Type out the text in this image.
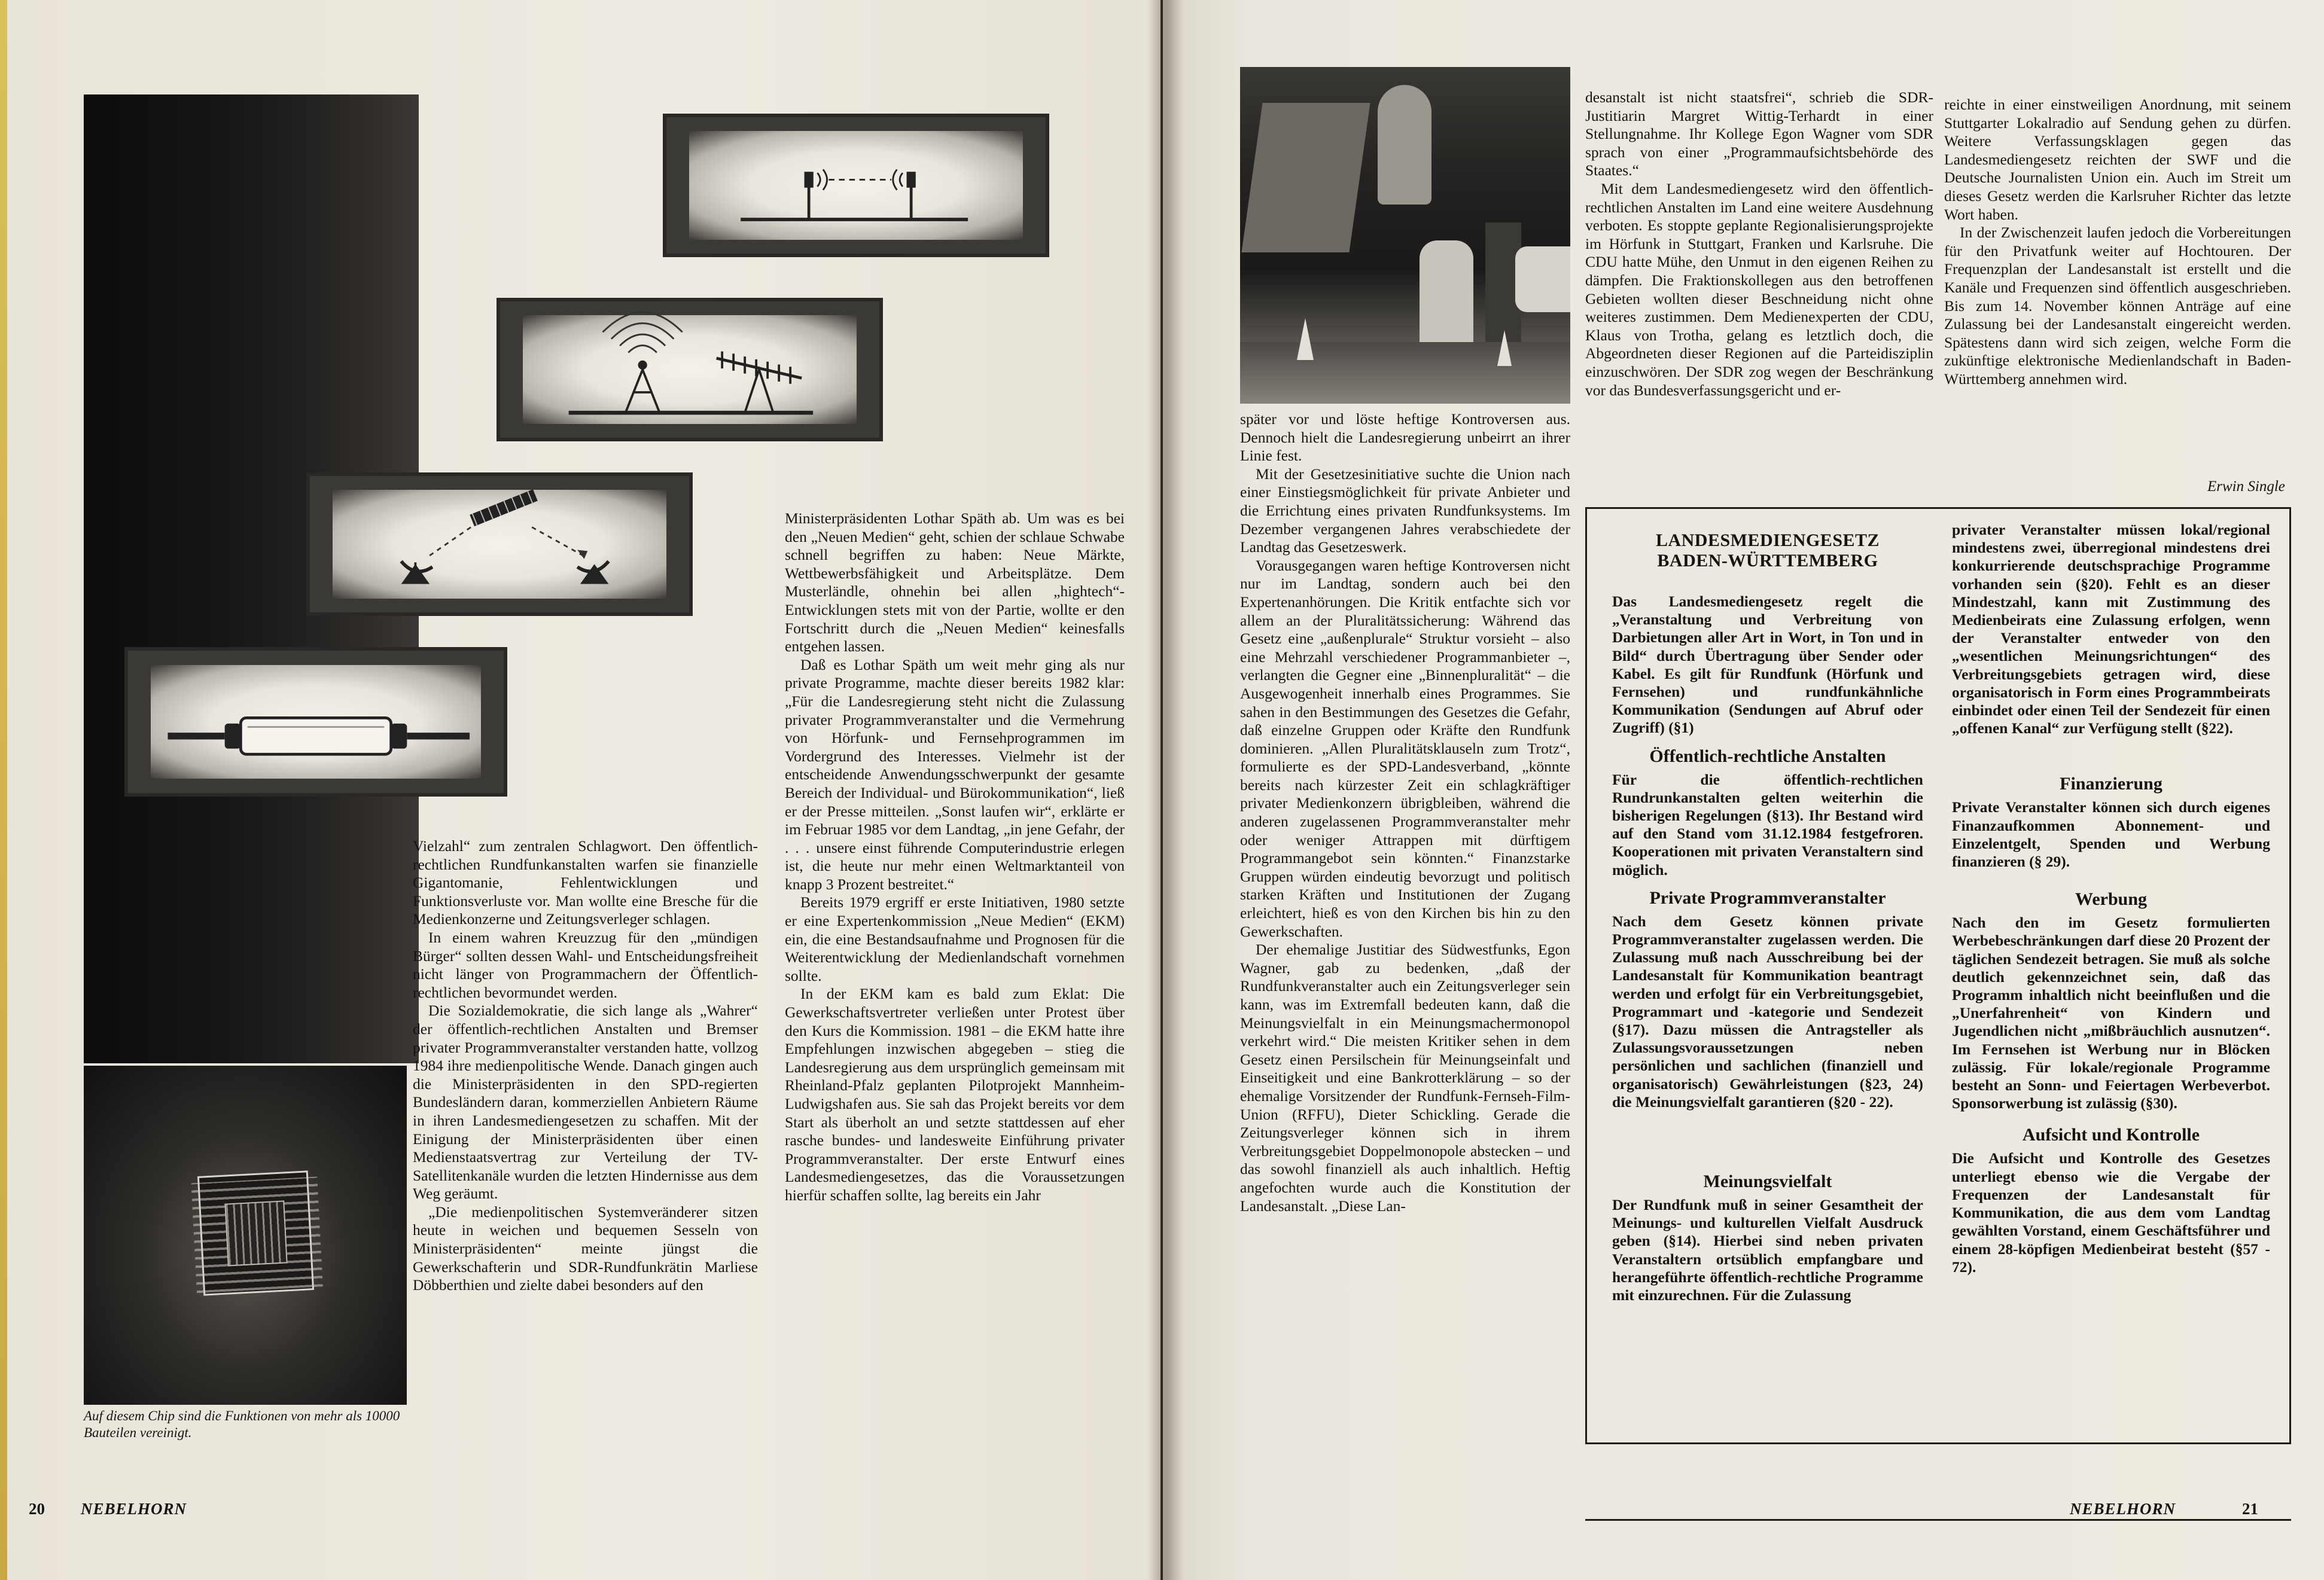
Vielzahl“ zum zentralen Schlagwort. Den öffentlich-rechtlichen Rundfunkanstalten warfen sie finanzielle Gigantomanie, Fehlentwicklungen und Funktionsverluste vor. Man wollte eine Bresche für die Medienkonzerne und Zeitungsverleger schlagen.

In einem wahren Kreuzzug für den „mündigen Bürger“ sollten dessen Wahl- und Entscheidungsfreiheit nicht länger von Programmachern der Öffentlich-rechtlichen bevormundet werden.

Die Sozialdemokratie, die sich lange als „Wahrer“ der öffentlich-rechtlichen Anstalten und Bremser privater Programmveranstalter verstanden hatte, vollzog 1984 ihre medienpolitische Wende. Danach gingen auch die Ministerpräsidenten in den SPD-regierten Bundesländern daran, kommerziellen Anbietern Räume in ihren Landesmediengesetzen zu schaffen. Mit der Einigung der Ministerpräsidenten über einen Medienstaatsvertrag zur Verteilung der TV-Satellitenkanäle wurden die letzten Hindernisse aus dem Weg geräumt.

„Die medienpolitischen Systemveränderer sitzen heute in weichen und bequemen Sesseln von Ministerpräsidenten“ meinte jüngst die Gewerkschafterin und SDR-Rundfunkrätin Marliese Döbberthien und zielte dabei besonders auf den

Ministerpräsidenten Lothar Späth ab. Um was es bei den „Neuen Medien“ geht, schien der schlaue Schwabe schnell begriffen zu haben: Neue Märkte, Wettbewerbsfähigkeit und Arbeitsplätze. Dem Musterländle, ohnehin bei allen „hightech“-Entwicklungen stets mit von der Partie, wollte er den Fortschritt durch die „Neuen Medien“ keinesfalls entgehen lassen.

Daß es Lothar Späth um weit mehr ging als nur private Programme, machte dieser bereits 1982 klar: „Für die Landesregierung steht nicht die Zulassung privater Programmveranstalter und die Vermehrung von Hörfunk- und Fernsehprogrammen im Vordergrund des Interesses. Vielmehr ist der entscheidende Anwendungsschwerpunkt der gesamte Bereich der Individual- und Bürokommunikation“, ließ er der Presse mitteilen. „Sonst laufen wir“, erklärte er im Februar 1985 vor dem Landtag, „in jene Gefahr, der . . . unsere einst führende Computerindustrie erlegen ist, die heute nur mehr einen Weltmarktanteil von knapp 3 Prozent bestreitet.“

Bereits 1979 ergriff er erste Initiativen, 1980 setzte er eine Expertenkommission „Neue Medien“ (EKM) ein, die eine Bestandsaufnahme und Prognosen für die Weiterentwicklung der Medienlandschaft vornehmen sollte.

In der EKM kam es bald zum Eklat: Die Gewerkschaftsvertreter verließen unter Protest über den Kurs die Kommission. 1981 – die EKM hatte ihre Empfehlungen inzwischen abgegeben – stieg die Landesregierung aus dem ursprünglich gemeinsam mit Rheinland-Pfalz geplanten Pilotprojekt Mannheim-Ludwigshafen aus. Sie sah das Projekt bereits vor dem Start als überholt an und setzte stattdessen auf eher rasche bundes- und landesweite Einführung privater Programmveranstalter. Der erste Entwurf eines Landesmediengesetzes, das die Voraussetzungen hierfür schaffen sollte, lag bereits ein Jahr

Auf diesem Chip sind die Funktionen von mehr als 10000 Bauteilen vereinigt.
20 NEBELHORN

später vor und löste heftige Kontroversen aus. Dennoch hielt die Landesregierung unbeirrt an ihrer Linie fest.

Mit der Gesetzesinitiative suchte die Union nach einer Einstiegsmöglichkeit für private Anbieter und die Errichtung eines privaten Rundfunksystems. Im Dezember vergangenen Jahres verabschiedete der Landtag das Gesetzeswerk.

Vorausgegangen waren heftige Kontroversen nicht nur im Landtag, sondern auch bei den Expertenanhörungen. Die Kritik entfachte sich vor allem an der Pluralitätssicherung: Während das Gesetz eine „außenplurale“ Struktur vorsieht – also eine Mehrzahl verschiedener Programmanbieter –, verlangten die Gegner eine „Binnenpluralität“ – die Ausgewogenheit innerhalb eines Programmes. Sie sahen in den Bestimmungen des Gesetzes die Gefahr, daß einzelne Gruppen oder Kräfte den Rundfunk dominieren. „Allen Pluralitätsklauseln zum Trotz“, formulierte es der SPD-Landesverband, „könnte bereits nach kürzester Zeit ein schlagkräftiger privater Medienkonzern übrigbleiben, während die anderen zugelassenen Programmveranstalter mehr oder weniger Attrappen mit dürftigem Programmangebot sein könnten.“ Finanzstarke Gruppen würden eindeutig bevorzugt und politisch starken Kräften und Institutionen der Zugang erleichtert, hieß es von den Kirchen bis hin zu den Gewerkschaften.

Der ehemalige Justitiar des Südwestfunks, Egon Wagner, gab zu bedenken, „daß der Rundfunkveranstalter auch ein Zeitungsverleger sein kann, was im Extremfall bedeuten kann, daß die Meinungsvielfalt in ein Meinungsmachermonopol verkehrt wird.“ Die meisten Kritiker sehen in dem Gesetz einen Persilschein für Meinungseinfalt und Einseitigkeit und eine Bankrotterklärung – so der ehemalige Vorsitzender der Rundfunk-Fernseh-Film-Union (RFFU), Dieter Schickling. Gerade die Zeitungsverleger können sich in ihrem Verbreitungsgebiet Doppelmonopole abstecken – und das sowohl finanziell als auch inhaltlich. Heftig angefochten wurde auch die Konstitution der Landesanstalt. „Diese Lan-

desanstalt ist nicht staatsfrei“, schrieb die SDR-Justitiarin Margret Wittig-Terhardt in einer Stellungnahme. Ihr Kollege Egon Wagner vom SDR sprach von einer „Programmaufsichtsbehörde des Staates.“

Mit dem Landesmediengesetz wird den öffentlich-rechtlichen Anstalten im Land eine weitere Ausdehnung verboten. Es stoppte geplante Regionalisierungsprojekte im Hörfunk in Stuttgart, Franken und Karlsruhe. Die CDU hatte Mühe, den Unmut in den eigenen Reihen zu dämpfen. Die Fraktionskollegen aus den betroffenen Gebieten wollten dieser Beschneidung nicht ohne weiteres zustimmen. Dem Medienexperten der CDU, Klaus von Trotha, gelang es letztlich doch, die Abgeordneten dieser Regionen auf die Parteidisziplin einzuschwören. Der SDR zog wegen der Beschränkung vor das Bundesverfassungsgericht und er-

reichte in einer einstweiligen Anordnung, mit seinem Stuttgarter Lokalradio auf Sendung gehen zu dürfen. Weitere Verfassungsklagen gegen das Landesmediengesetz reichten der SWF und die Deutsche Journalisten Union ein. Auch im Streit um dieses Gesetz werden die Karlsruher Richter das letzte Wort haben.

In der Zwischenzeit laufen jedoch die Vorbereitungen für den Privatfunk weiter auf Hochtouren. Der Frequenzplan der Landesanstalt ist erstellt und die Kanäle und Frequenzen sind öffentlich ausgeschrieben. Bis zum 14. November können Anträge auf eine Zulassung bei der Landesanstalt eingereicht werden. Spätestens dann wird sich zeigen, welche Form die zukünftige elektronische Medienlandschaft in Baden-Württemberg annehmen wird.

Erwin Single
LANDESMEDIENGESETZ
BADEN-WÜRTTEMBERG

Das Landesmediengesetz regelt die „Veranstaltung und Verbreitung von Darbietungen aller Art in Wort, in Ton und in Bild“ durch Übertragung über Sender oder Kabel. Es gilt für Rundfunk (Hörfunk und Fernsehen) und rundfunkähnliche Kommunikation (Sendungen auf Abruf oder Zugriff) (§1)

Öffentlich-rechtliche Anstalten

Für die öffentlich-rechtlichen Rundrunkanstalten gelten weiterhin die bisherigen Regelungen (§13). Ihr Bestand wird auf den Stand vom 31.12.1984 festgefroren. Kooperationen mit privaten Veranstaltern sind möglich.

Private Programmveranstalter

Nach dem Gesetz können private Programmveranstalter zugelassen werden. Die Zulassung muß nach Ausschreibung bei der Landesanstalt für Kommunikation beantragt werden und erfolgt für ein Verbreitungsgebiet, Programmart und -kategorie und Sendezeit (§17). Dazu müssen die Antragsteller als Zulassungsvoraussetzungen neben persönlichen und sachlichen (finanziell und organisatorisch) Gewährleistungen (§23, 24) die Meinungsvielfalt garantieren (§20 - 22).

Meinungsvielfalt

Der Rundfunk muß in seiner Gesamtheit der Meinungs- und kulturellen Vielfalt Ausdruck geben (§14). Hierbei sind neben privaten Veranstaltern ortsüblich empfangbare und herangeführte öffentlich-rechtliche Programme mit einzurechnen. Für die Zulassung

privater Veranstalter müssen lokal/regional mindestens zwei, überregional mindestens drei konkurrierende deutschsprachige Programme vorhanden sein (§20). Fehlt es an dieser Mindestzahl, kann mit Zustimmung des Medienbeirats eine Zulassung erfolgen, wenn der Veranstalter entweder von den „wesentlichen Meinungsrichtungen“ des Verbreitungsgebiets getragen wird, diese organisatorisch in Form eines Programmbeirats einbindet oder einen Teil der Sendezeit für einen „offenen Kanal“ zur Verfügung stellt (§22).

Finanzierung

Private Veranstalter können sich durch eigenes Finanzaufkommen Abonnement- und Einzelentgelt, Spenden und Werbung finanzieren (§ 29).

Werbung

Nach den im Gesetz formulierten Werbebeschränkungen darf diese 20 Prozent der täglichen Sendezeit betragen. Sie muß als solche deutlich gekennzeichnet sein, daß das Programm inhaltlich nicht beeinflußen und die „Unerfahrenheit“ von Kindern und Jugendlichen nicht „mißbräuchlich ausnutzen“. Im Fernsehen ist Werbung nur in Blöcken zulässig. Für lokale/regionale Programme besteht an Sonn- und Feiertagen Werbeverbot. Sponsorwerbung ist zulässig (§30).

Aufsicht und Kontrolle

Die Aufsicht und Kontrolle des Gesetzes unterliegt ebenso wie die Vergabe der Frequenzen der Landesanstalt für Kommunikation, die aus dem vom Landtag gewählten Vorstand, einem Geschäftsführer und einem 28-köpfigen Medienbeirat besteht (§57 - 72).

NEBELHORN	21
